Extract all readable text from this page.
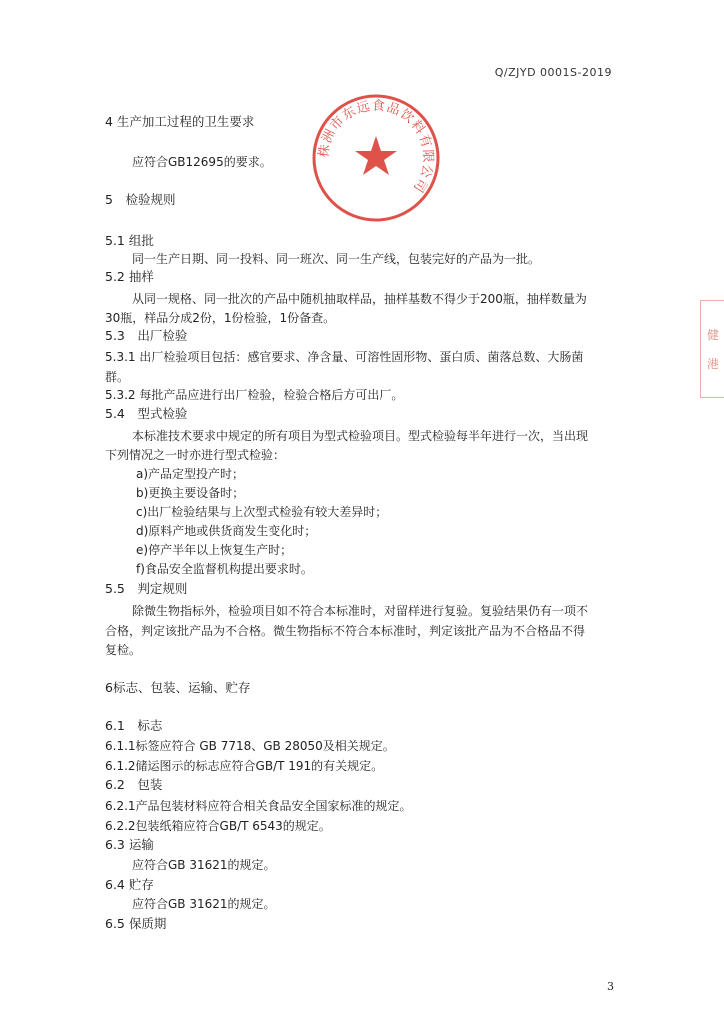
Q/ZJYD 0001S-2019
株洲市东远食品饮料有限公司
健
港
4 生产加工过程的卫生要求
应符合GB12695的要求。
5　检验规则
5.1 组批
同一生产日期、同一投料、同一班次、同一生产线，包装完好的产品为一批。
5.2 抽样
从同一规格、同一批次的产品中随机抽取样品，抽样基数不得少于200瓶，抽样数量为
30瓶，样品分成2份，1份检验，1份备查。
5.3　出厂检验
5.3.1 出厂检验项目包括：感官要求、净含量、可溶性固形物、蛋白质、菌落总数、大肠菌
群。
5.3.2 每批产品应进行出厂检验，检验合格后方可出厂。
5.4　型式检验
本标准技术要求中规定的所有项目为型式检验项目。型式检验每半年进行一次，当出现
下列情况之一时亦进行型式检验：
a)产品定型投产时；
b)更换主要设备时；
c)出厂检验结果与上次型式检验有较大差异时；
d)原料产地或供货商发生变化时；
e)停产半年以上恢复生产时；
f)食品安全监督机构提出要求时。
5.5　判定规则
除微生物指标外，检验项目如不符合本标准时，对留样进行复验。复验结果仍有一项不
合格，判定该批产品为不合格。微生物指标不符合本标准时，判定该批产品为不合格品不得
复检。
6标志、包装、运输、贮存
6.1　标志
6.1.1标签应符合 GB 7718、GB 28050及相关规定。
6.1.2储运图示的标志应符合GB/T 191的有关规定。
6.2　包装
6.2.1产品包装材料应符合相关食品安全国家标准的规定。
6.2.2包装纸箱应符合GB/T 6543的规定。
6.3 运输
应符合GB 31621的规定。
6.4 贮存
应符合GB 31621的规定。
6.5 保质期
3
